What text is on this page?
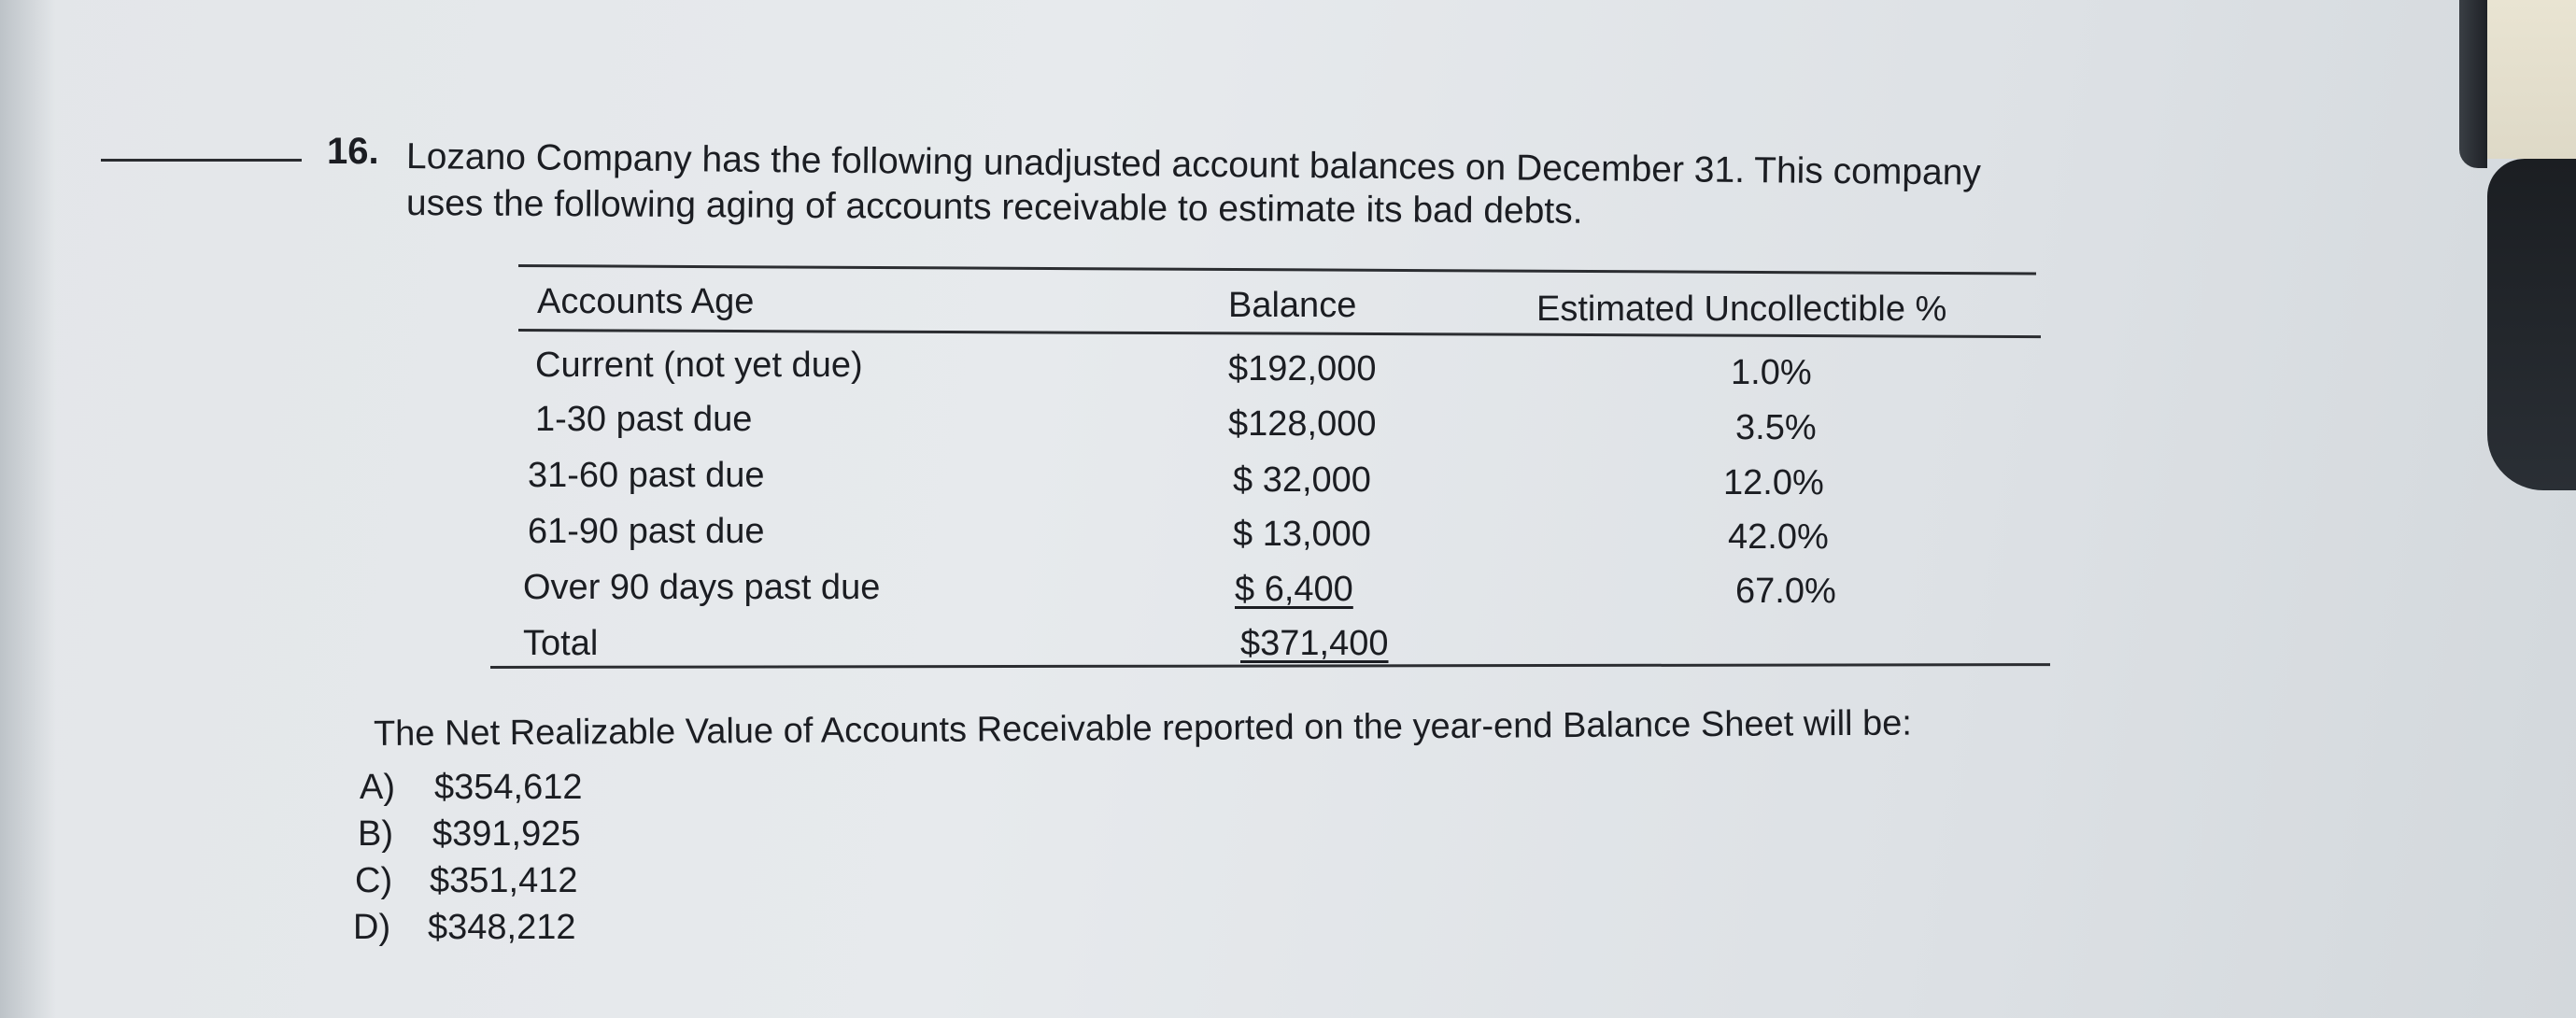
16. Lozano Company has the following unadjusted account balances on December 31. This company
uses the following aging of accounts receivable to estimate its bad debts.
Accounts Age	Balance	Estimated Uncollectible %
Current (not yet due)	$192,000	1.0%
1-30 past due	$128,000	3.5%
31-60 past due	$ 32,000	12.0%
61-90 past due	$ 13,000	42.0%
Over 90 days past due	$ 6,400	67.0%
Total	$371,400
The Net Realizable Value of Accounts Receivable reported on the year-end Balance Sheet will be:
A) $354,612
B) $391,925
C) $351,412
D) $348,212
